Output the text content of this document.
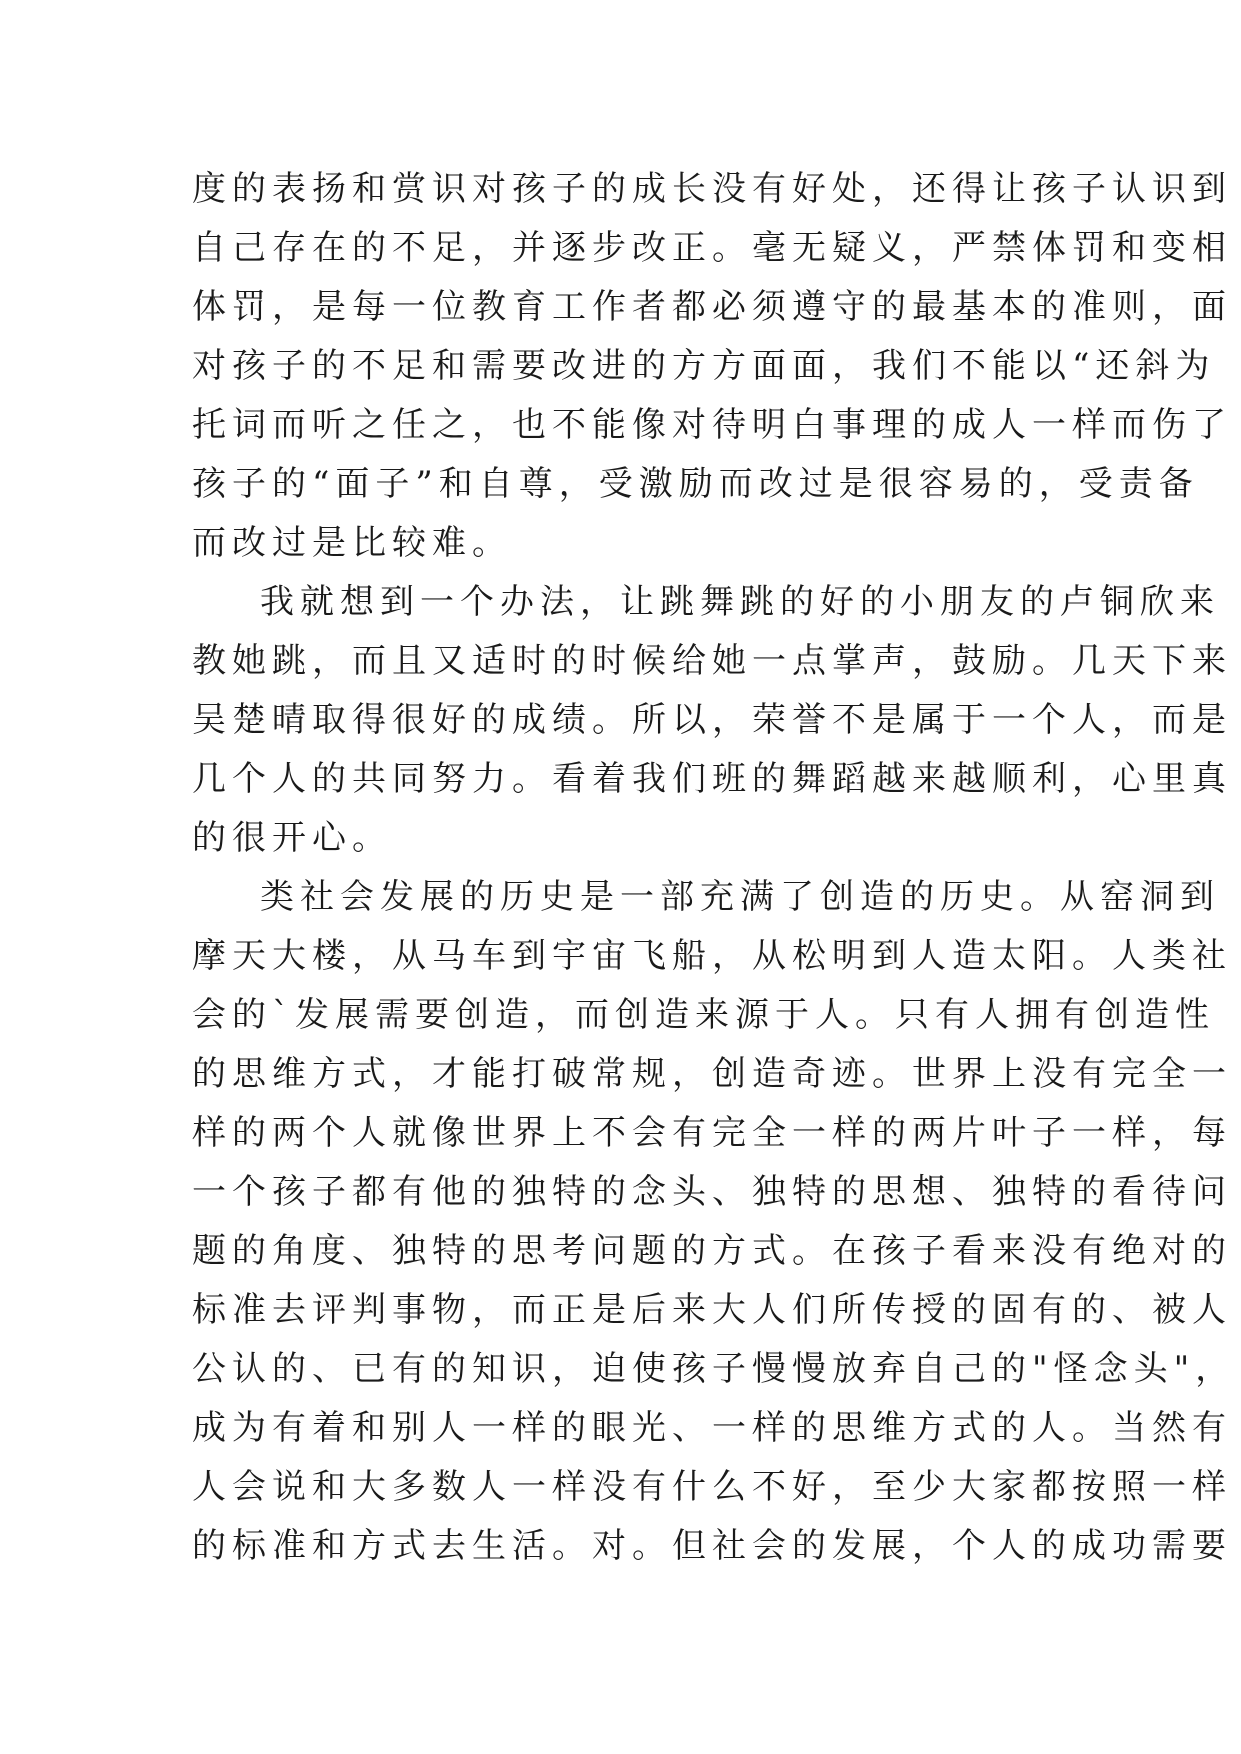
度的表扬和赏识对孩子的成长没有好处，还得让孩子认识到
自己存在的不足，并逐步改正。毫无疑义，严禁体罚和变相
体罚，是每一位教育工作者都必须遵守的最基本的准则，面
对孩子的不足和需要改进的方方面面，我们不能以“还斜为
托词而听之任之，也不能像对待明白事理的成人一样而伤了
孩子的“面子”和自尊，受激励而改过是很容易的，受责备
而改过是比较难。
我就想到一个办法，让跳舞跳的好的小朋友的卢铜欣来
教她跳，而且又适时的时候给她一点掌声，鼓励。几天下来
吴楚晴取得很好的成绩。所以，荣誉不是属于一个人，而是
几个人的共同努力。看着我们班的舞蹈越来越顺利，心里真
的很开心。
类社会发展的历史是一部充满了创造的历史。从窑洞到
摩天大楼，从马车到宇宙飞船，从松明到人造太阳。人类社
会的`发展需要创造，而创造来源于人。只有人拥有创造性
的思维方式，才能打破常规，创造奇迹。世界上没有完全一
样的两个人就像世界上不会有完全一样的两片叶子一样，每
一个孩子都有他的独特的念头、独特的思想、独特的看待问
题的角度、独特的思考问题的方式。在孩子看来没有绝对的
标准去评判事物，而正是后来大人们所传授的固有的、被人
公认的、已有的知识，迫使孩子慢慢放弃自己的"怪念头"，
成为有着和别人一样的眼光、一样的思维方式的人。当然有
人会说和大多数人一样没有什么不好，至少大家都按照一样
的标准和方式去生活。对。但社会的发展，个人的成功需要
